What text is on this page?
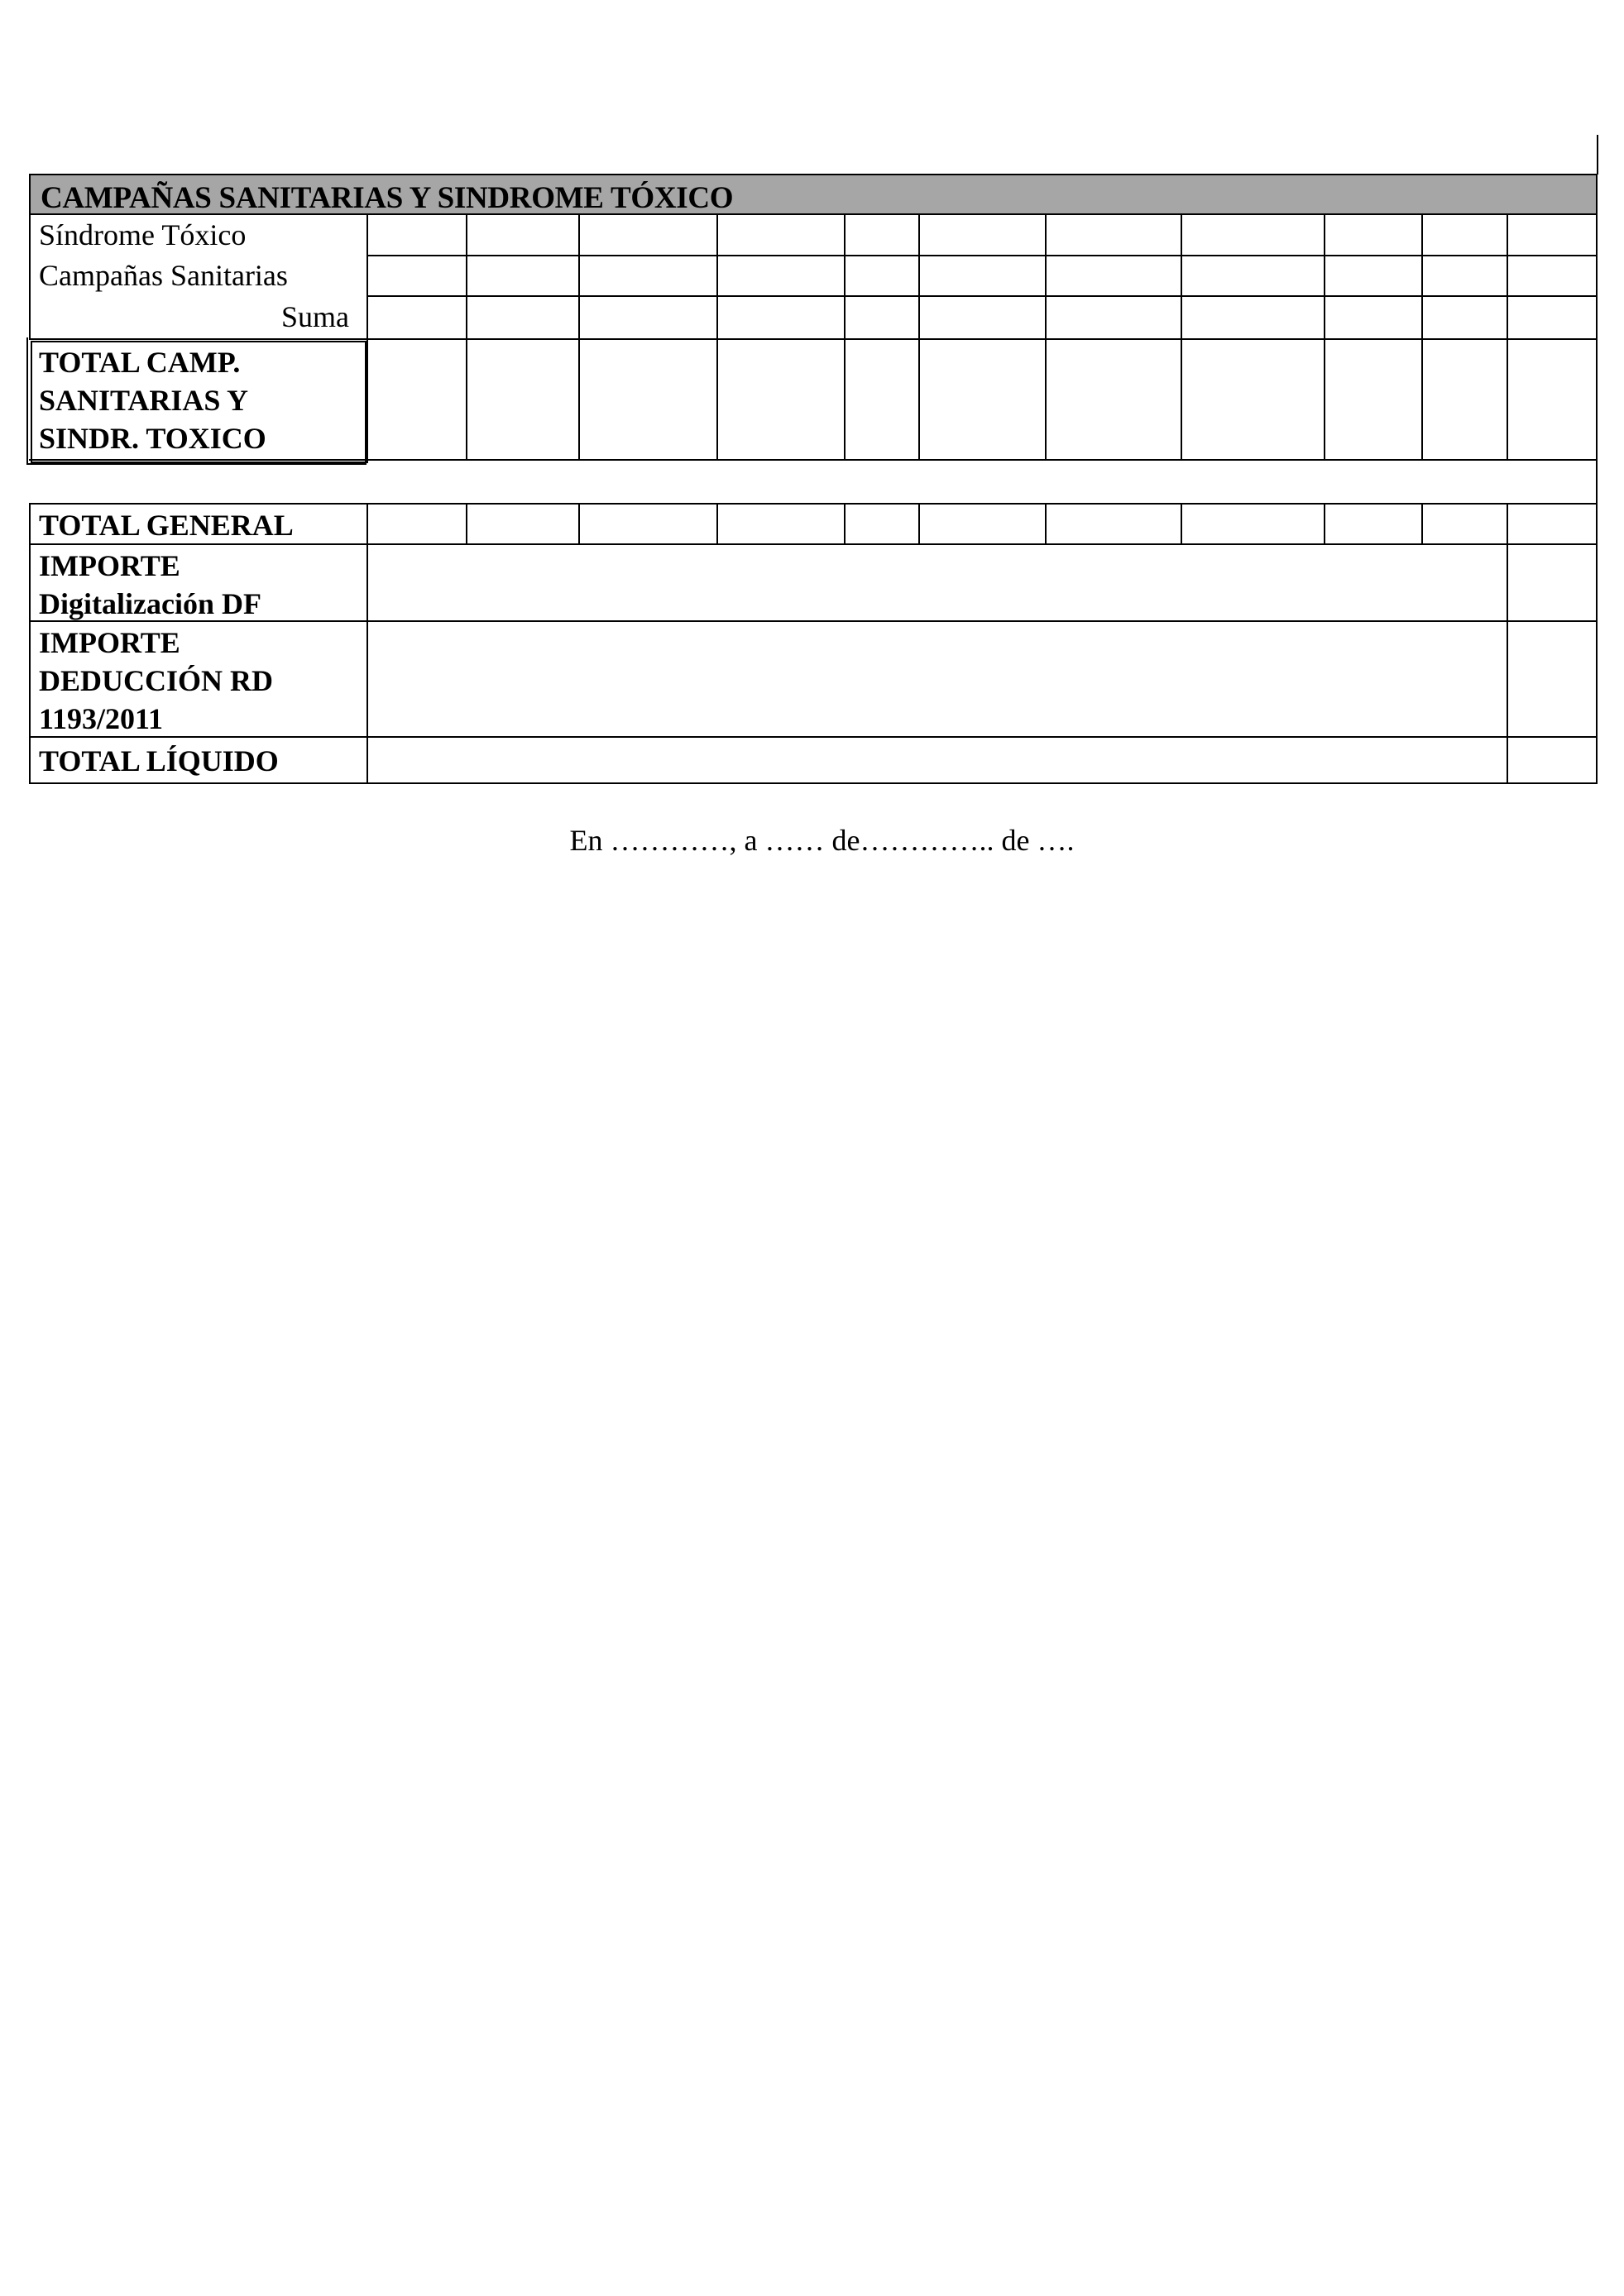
CAMPAÑAS SANITARIAS Y SINDROME TÓXICO
Síndrome Tóxico
Campañas Sanitarias
Suma
TOTAL CAMP. SANITARIAS Y SINDR. TOXICO
TOTAL GENERAL
IMPORTE Digitalización DF
IMPORTE DEDUCCIÓN RD 1193/2011
TOTAL LÍQUIDO
En …………, a …… de………….. de ….
